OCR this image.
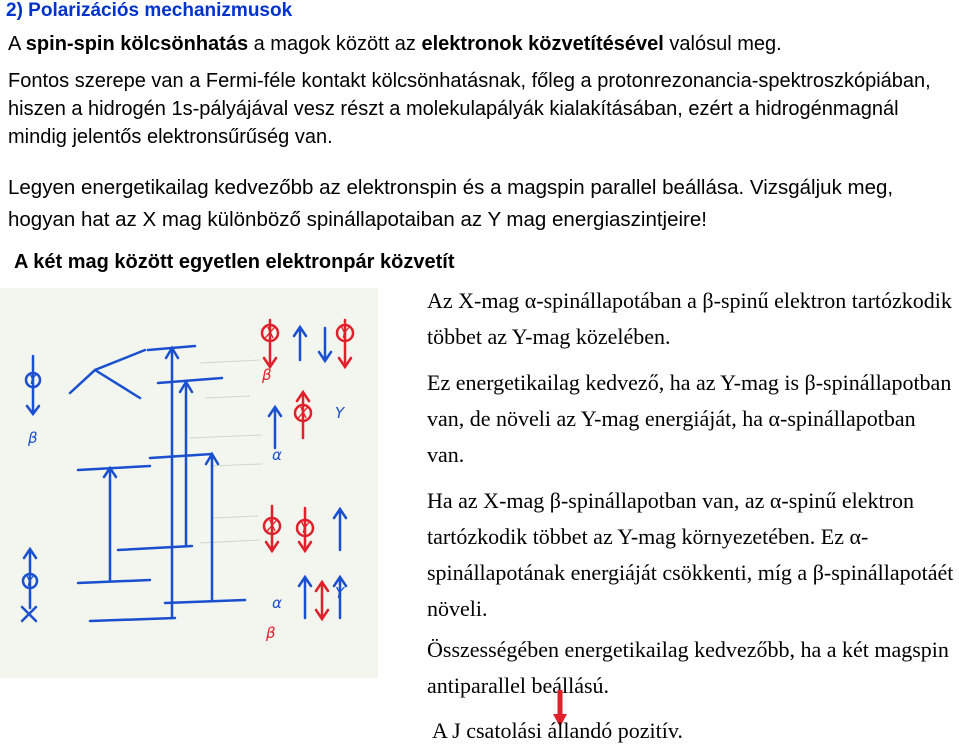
2) Polarizációs mechanizmusok
A spin-spin kölcsönhatás a magok között az elektronok közvetítésével valósul meg.
Fontos szerepe van a Fermi-féle kontakt kölcsönhatásnak, főleg a protonrezonancia-spektroszkópiában, hiszen a hidrogén 1s-pályájával vesz részt a molekulapályák kialakításában, ezért a hidrogénmagnál mindig jelentős elektronsűrűség van.
Legyen energetikailag kedvezőbb az elektronspin és a magspin parallel beállása. Vizsgáljuk meg, hogyan hat az X mag különböző spinállapotaiban az Y mag energiaszintjeire!
A két mag között egyetlen elektronpár közvetít
Y
β
Y
X	Y
β
α
X
X Y
Y
Y
α
β
Az X-mag α-spinállapotában a β-spinű elektron tartózkodik többet az Y-mag közelében.
Ez energetikailag kedvező, ha az Y-mag is β-spinállapotban van, de növeli az Y-mag energiáját, ha α-spinállapotban van.
Ha az X-mag β-spinállapotban van, az α-spinű elektron tartózkodik többet az Y-mag környezetében. Ez α-spinállapotának energiáját csökkenti, míg a β-spinállapotáét növeli.
Összességében energetikailag kedvezőbb, ha a két magspin antiparallel beállású.
A J csatolási állandó pozitív.
